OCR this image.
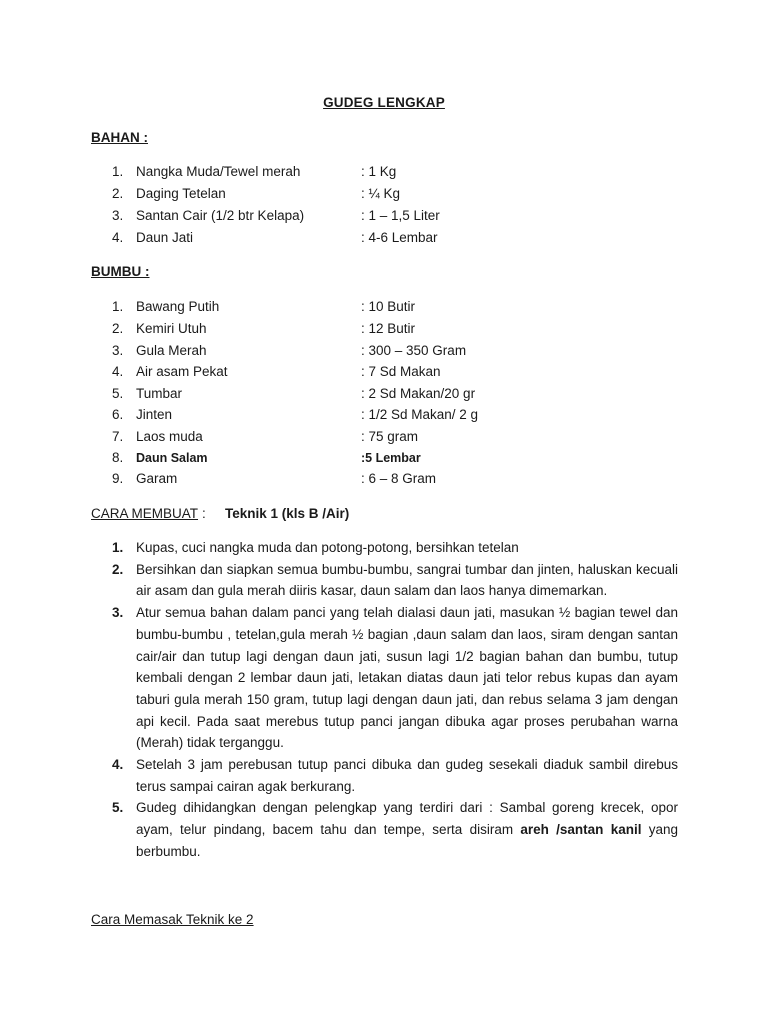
GUDEG LENGKAP
BAHAN :
1. Nangka Muda/Tewel merah	: 1 Kg
2. Daging Tetelan	: ¼ Kg
3. Santan Cair (1/2 btr Kelapa)	: 1 – 1,5 Liter
4. Daun Jati	: 4-6 Lembar
BUMBU :
1. Bawang Putih	: 10 Butir
2. Kemiri Utuh	: 12 Butir
3. Gula Merah	: 300 – 350 Gram
4. Air asam Pekat	: 7 Sd Makan
5. Tumbar	: 2 Sd Makan/20 gr
6. Jinten	: 1/2 Sd Makan/ 2 g
7. Laos muda	: 75 gram
8.	Daun Salam	:5 Lembar
9. Garam	: 6 – 8 Gram
CARA MEMBUAT : Teknik 1 (kls B /Air)
1. Kupas, cuci nangka muda dan potong-potong, bersihkan tetelan
2. Bersihkan dan siapkan semua bumbu-bumbu, sangrai tumbar dan jinten, haluskan kecuali air asam dan gula merah diiris kasar, daun salam dan laos hanya dimemarkan.
3. Atur semua bahan dalam panci yang telah dialasi daun jati, masukan ½ bagian tewel dan bumbu-bumbu , tetelan,gula merah ½ bagian ,daun salam dan laos, siram dengan santan cair/air dan tutup lagi dengan daun jati, susun lagi 1/2 bagian bahan dan bumbu, tutup kembali dengan 2 lembar daun jati, letakan diatas daun jati telor rebus kupas dan ayam taburi gula merah 150 gram, tutup lagi dengan daun jati, dan rebus selama 3 jam dengan api kecil. Pada saat merebus tutup panci jangan dibuka agar proses perubahan warna (Merah) tidak terganggu.
4. Setelah 3 jam perebusan tutup panci dibuka dan gudeg sesekali diaduk sambil direbus terus sampai cairan agak berkurang.
5. Gudeg dihidangkan dengan pelengkap yang terdiri dari : Sambal goreng krecek, opor ayam, telur pindang, bacem tahu dan tempe, serta disiram areh /santan kanil yang berbumbu.
Cara Memasak Teknik ke 2
